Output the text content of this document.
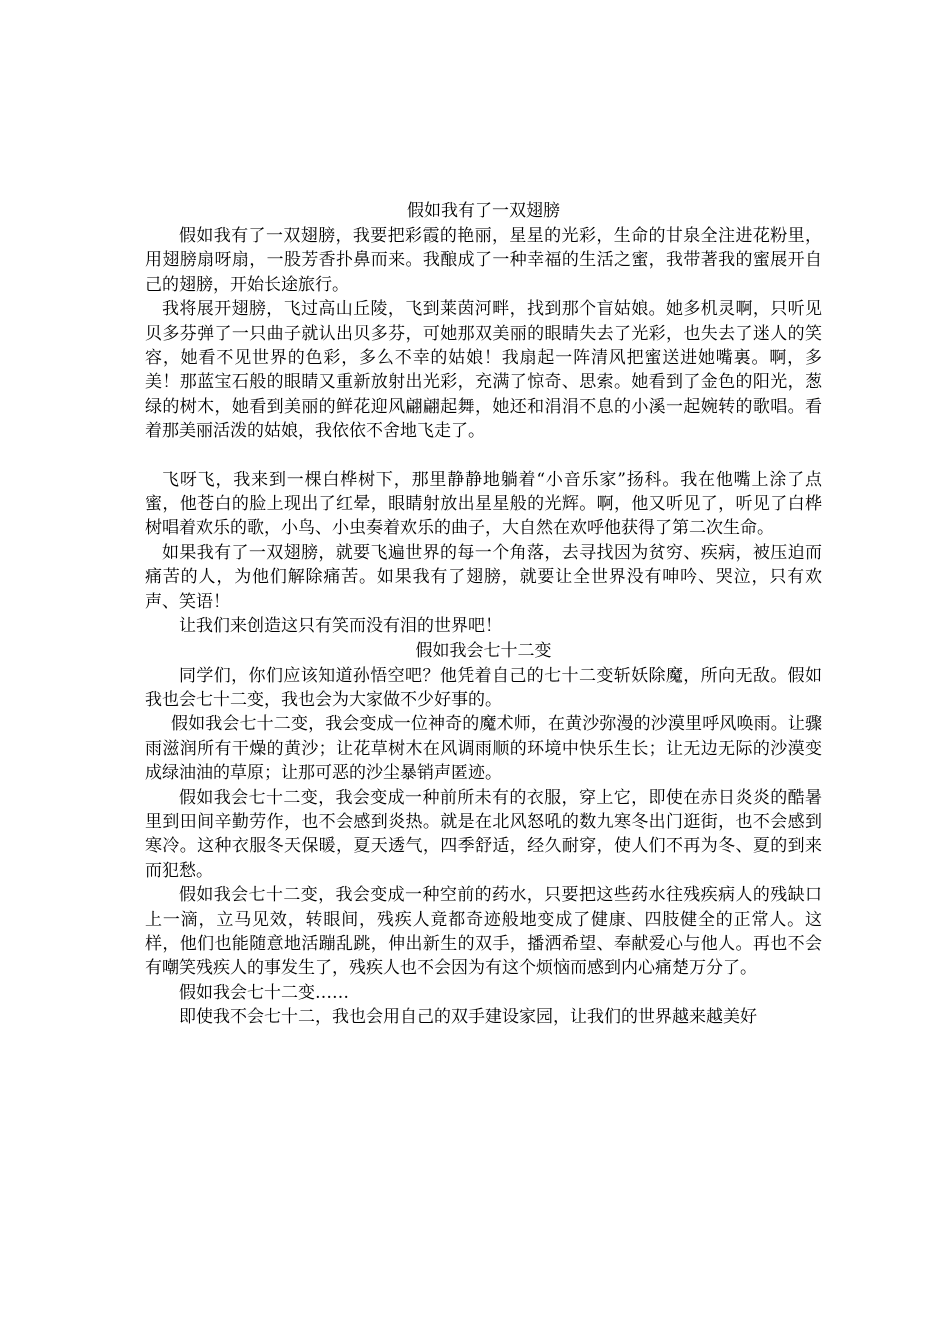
假如我有了一双翅膀

假如我有了一双翅膀，我要把彩霞的艳丽，星星的光彩，生命的甘泉全注进花粉里，用翅膀扇呀扇，一股芳香扑鼻而来。我酿成了一种幸福的生活之蜜，我带著我的蜜展开自己的翅膀，开始长途旅行。

我将展开翅膀，飞过高山丘陵，飞到莱茵河畔，找到那个盲姑娘。她多机灵啊，只听见贝多芬弹了一只曲子就认出贝多芬，可她那双美丽的眼睛失去了光彩，也失去了迷人的笑容，她看不见世界的色彩，多么不幸的姑娘！我扇起一阵清风把蜜送进她嘴裏。啊，多美！那蓝宝石般的眼睛又重新放射出光彩，充满了惊奇、思索。她看到了金色的阳光，葱绿的树木，她看到美丽的鲜花迎风翩翩起舞，她还和涓涓不息的小溪一起婉转的歌唱。看着那美丽活泼的姑娘，我依依不舍地飞走了。

飞呀飞，我来到一棵白桦树下，那里静静地躺着“小音乐家”扬科。我在他嘴上涂了点蜜，他苍白的脸上现出了红晕，眼睛射放出星星般的光辉。啊，他又听见了，听见了白桦树唱着欢乐的歌，小鸟、小虫奏着欢乐的曲子，大自然在欢呼他获得了第二次生命。

如果我有了一双翅膀，就要飞遍世界的每一个角落，去寻找因为贫穷、疾病，被压迫而痛苦的人，为他们解除痛苦。如果我有了翅膀，就要让全世界没有呻吟、哭泣，只有欢声、笑语！

让我们来创造这只有笑而没有泪的世界吧！

假如我会七十二变

同学们，你们应该知道孙悟空吧？他凭着自己的七十二变斩妖除魔，所向无敌。假如我也会七十二变，我也会为大家做不少好事的。

假如我会七十二变，我会变成一位神奇的魔术师，在黄沙弥漫的沙漠里呼风唤雨。让骤雨滋润所有干燥的黄沙；让花草树木在风调雨顺的环境中快乐生长；让无边无际的沙漠变成绿油油的草原；让那可恶的沙尘暴销声匿迹。

假如我会七十二变，我会变成一种前所未有的衣服，穿上它，即使在赤日炎炎的酷暑里到田间辛勤劳作，也不会感到炎热。就是在北风怒吼的数九寒冬出门逛街，也不会感到寒冷。这种衣服冬天保暖，夏天透气，四季舒适，经久耐穿，使人们不再为冬、夏的到来而犯愁。

假如我会七十二变，我会变成一种空前的药水，只要把这些药水往残疾病人的残缺口上一滴，立马见效，转眼间，残疾人竟都奇迹般地变成了健康、四肢健全的正常人。这样，他们也能随意地活蹦乱跳，伸出新生的双手，播洒希望、奉献爱心与他人。再也不会有嘲笑残疾人的事发生了，残疾人也不会因为有这个烦恼而感到内心痛楚万分了。

假如我会七十二变……

即使我不会七十二，我也会用自己的双手建设家园，让我们的世界越来越美好
